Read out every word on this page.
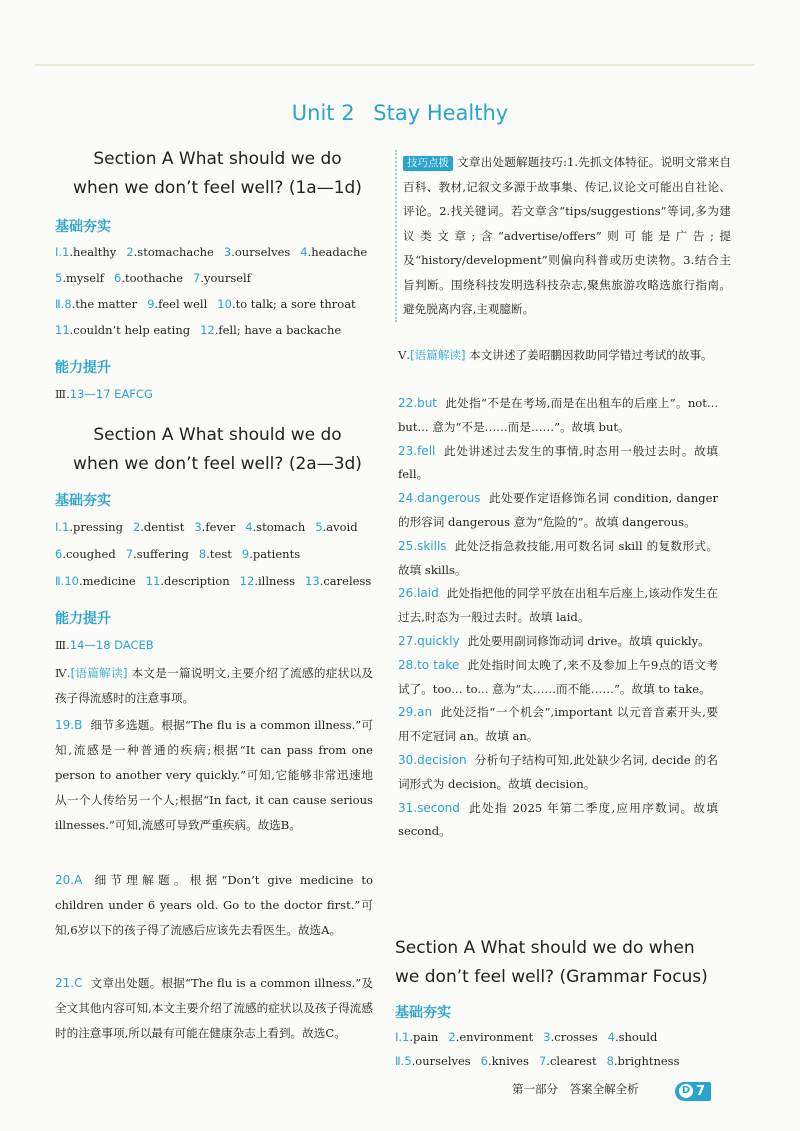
Unit 2 Stay Healthy
Section A What should we do
when we don’t feel well? (1a—1d)
基础夯实
Ⅰ.1.healthy 2.stomachache 3.ourselves 4.headache
5.myself 6.toothache 7.yourself
Ⅱ.8.the matter 9.feel well 10.to talk; a sore throat
11.couldn’t help eating 12.fell; have a backache
能力提升
Ⅲ.13—17 EAFCG
Section A What should we do
when we don’t feel well? (2a—3d)
基础夯实
Ⅰ.1.pressing 2.dentist 3.fever 4.stomach 5.avoid
6.coughed 7.suffering 8.test 9.patients
Ⅱ.10.medicine 11.description 12.illness 13.careless
能力提升
Ⅲ.14—18 DACEB
Ⅳ.[语篇解读] 本文是一篇说明文,主要介绍了流感的症状以及孩子得流感时的注意事项。
19.B 细节多选题。根据“The flu is a common illness.”可知,流感是一种普通的疾病;根据“It can pass from one person to another very quickly.”可知,它能够非常迅速地从一个人传给另一个人;根据“In fact, it can cause serious illnesses.”可知,流感可导致严重疾病。故选B。
20.A 细节理解题。根据“Don’t give medicine to children under 6 years old. Go to the doctor first.”可知,6岁以下的孩子得了流感后应该先去看医生。故选A。
21.C 文章出处题。根据“The flu is a common illness.”及全文其他内容可知,本文主要介绍了流感的症状以及孩子得流感时的注意事项,所以最有可能在健康杂志上看到。故选C。
技巧点拨 文章出处题解题技巧:1.先抓文体特征。说明文常来自百科、教材,记叙文多源于故事集、传记,议论文可能出自社论、评论。2.找关键词。若文章含“tips/suggestions”等词,多为建议类文章;含“advertise/offers”则可能是广告;提及“history/development”则偏向科普或历史读物。3.结合主旨判断。围绕科技发明选科技杂志,聚焦旅游攻略选旅行指南。避免脱离内容,主观臆断。
Ⅴ.[语篇解读] 本文讲述了姜昭鹏因救助同学错过考试的故事。
22.but 此处指“不是在考场,而是在出租车的后座上”。not... but... 意为“不是……而是……”。故填 but。
23.fell 此处讲述过去发生的事情,时态用一般过去时。故填 fell。
24.dangerous 此处要作定语修饰名词 condition, danger 的形容词 dangerous 意为“危险的”。故填 dangerous。
25.skills 此处泛指急救技能,用可数名词 skill 的复数形式。故填 skills。
26.laid 此处指把他的同学平放在出租车后座上,该动作发生在过去,时态为一般过去时。故填 laid。
27.quickly 此处要用副词修饰动词 drive。故填 quickly。
28.to take 此处指时间太晚了,来不及参加上午9点的语文考试了。too... to... 意为“太……而不能……”。故填 to take。
29.an 此处泛指“一个机会”,important 以元音音素开头,要用不定冠词 an。故填 an。
30.decision 分析句子结构可知,此处缺少名词, decide 的名词形式为 decision。故填 decision。
31.second 此处指 2025 年第二季度,应用序数词。故填 second。
Section A What should we do when
we don’t feel well? (Grammar Focus)
基础夯实
Ⅰ.1.pain 2.environment 3.crosses 4.should
Ⅱ.5.ourselves 6.knives 7.clearest 8.brightness
第一部分 答案全解全析	D 7
